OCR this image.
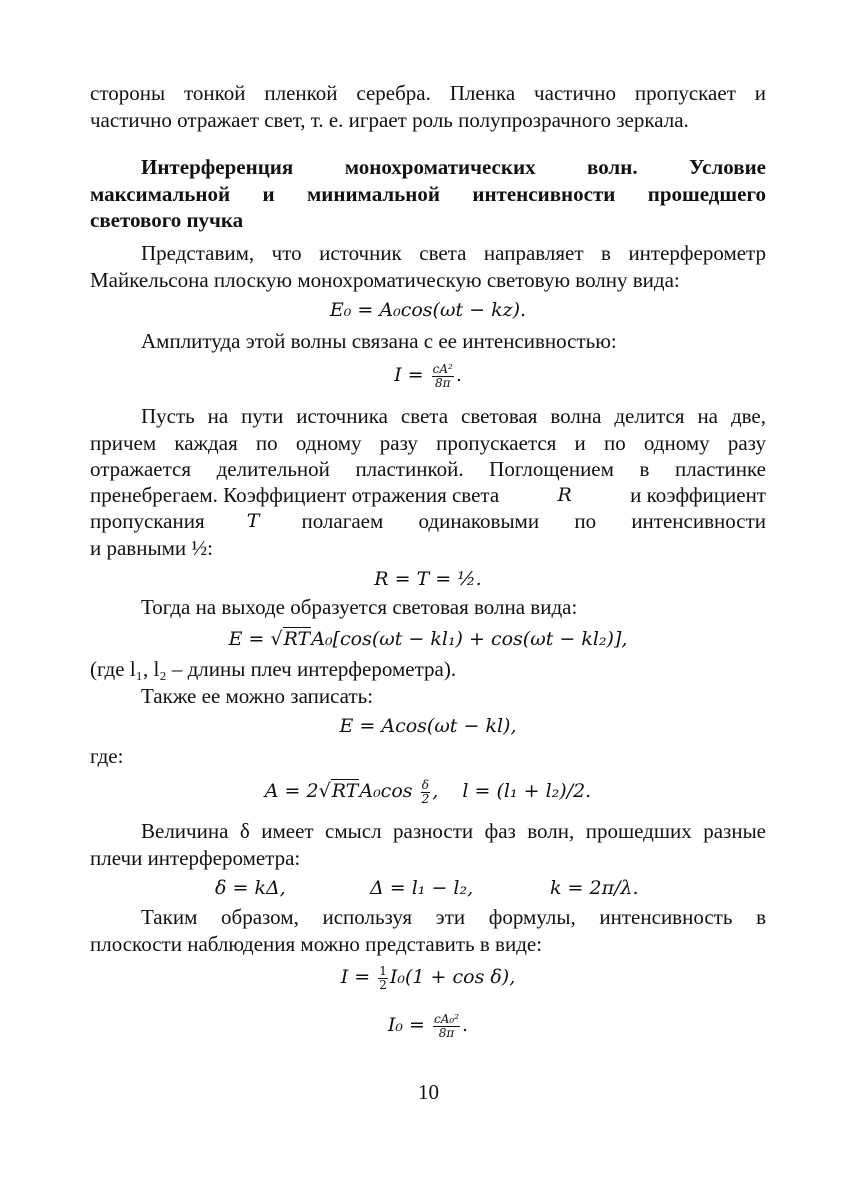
стороны тонкой пленкой серебра. Пленка частично пропускает и
частично отражает свет, т. е. играет роль полупрозрачного зеркала.
Интерференция монохроматических волн. Условие
максимальной и минимальной интенсивности прошедшего
светового пучка
Представим, что источник света направляет в интерферометр
Майкельсона плоскую монохроматическую световую волну вида:
E₀ = A₀cos(ωt − kz).
Амплитуда этой волны связана с ее интенсивностью:
$I = \frac{\text{cA²}}{8\pi}$ .
Пусть на пути источника света световая волна делится на две,
причем каждая по одному разу пропускается и по одному разу
отражается делительной пластинкой. Поглощением в пластинке
пренебрегаем. Коэффициент отражения света	R	и коэффициент
пропускания T полагаем одинаковыми по интенсивности
и равными ½:
R = T = ½.
Тогда на выходе образуется световая волна вида:
E = √RTA₀[cos(ωt − kl₁) + cos(ωt − kl₂)],
(где l₁, l₂ – длины плеч интерферометра).
Также ее можно записать:
E = Acos(ωt − kl),
где:
$A = 2√RTA_0\cos \frac{\delta}{2}$ ,    l = (l₁ + l₂)/2.
Величина δ имеет смысл разности фаз волн, прошедших разные
плечи интерферометра:
δ = kΔ,	Δ = l₁ − l₂,	k = 2π/λ.
Таким образом, используя эти формулы, интенсивность в
плоскости наблюдения можно представить в виде:
$I = \frac{1}{2} I_0(1 + \cos \delta)$,
$I_0 = \frac{\text{cA₀²}}{8\pi}$ .
10
